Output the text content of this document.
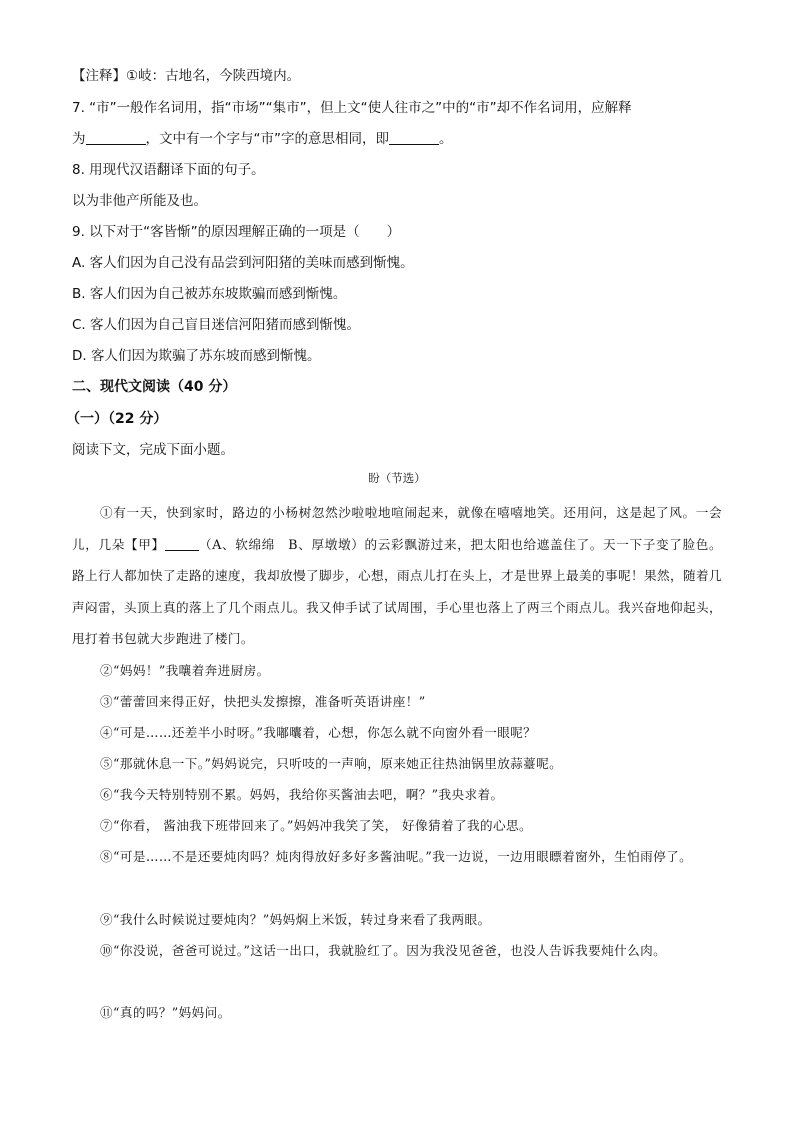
【注释】①岐：古地名，今陕西境内。
7. “市”一般作名词用，指“市场”“集市”，但上文“使人往市之”中的“市”却不作名词用，应解释
为	，文中有一个字与“市”字的意思相同，即	。
8. 用现代汉语翻译下面的句子。
以为非他产所能及也。
9. 以下对于“客皆惭”的原因理解正确的一项是（　　）
A. 客人们因为自己没有品尝到河阳猪的美味而感到惭愧。
B. 客人们因为自己被苏东坡欺骗而感到惭愧。
C. 客人们因为自己盲目迷信河阳猪而感到惭愧。
D. 客人们因为欺骗了苏东坡而感到惭愧。
二、现代文阅读（40 分）
（一）（22 分）
阅读下文，完成下面小题。
盼（节选）
①有一天，快到家时，路边的小杨树忽然沙啦啦地喧闹起来，就像在嘻嘻地笑。还用问，这是起了风。一会儿，几朵【甲】	（A、软绵绵　B、厚墩墩）的云彩飘游过来，把太阳也给遮盖住了。天一下子变了脸色。路上行人都加快了走路的速度，我却放慢了脚步，心想，雨点儿打在头上，才是世界上最美的事呢！果然，随着几声闷雷，头顶上真的落上了几个雨点儿。我又伸手试了试周围，手心里也落上了两三个雨点儿。我兴奋地仰起头，甩打着书包就大步跑进了楼门。
②“妈妈！”我嚷着奔进厨房。
③“蕾蕾回来得正好，快把头发擦擦，准备听英语讲座！”
④“可是……还差半小时呀。”我嘟囔着，心想，你怎么就不向窗外看一眼呢？
⑤“那就休息一下。”妈妈说完，只听吱的一声响，原来她正往热油锅里放蒜薹呢。
⑥“我今天特别特别不累。妈妈，我给你买酱油去吧，啊？”我央求着。
⑦“你看， 酱油我下班带回来了。”妈妈冲我笑了笑， 好像猜着了我的心思。
⑧“可是……不是还要炖肉吗？炖肉得放好多好多酱油呢。”我一边说，一边用眼瞟着窗外，生怕雨停了。
⑨“我什么时候说过要炖肉？”妈妈焖上米饭，转过身来看了我两眼。
⑩“你没说，爸爸可说过。”这话一出口，我就脸红了。因为我没见爸爸，也没人告诉我要炖什么肉。
⑪“真的吗？”妈妈问。
